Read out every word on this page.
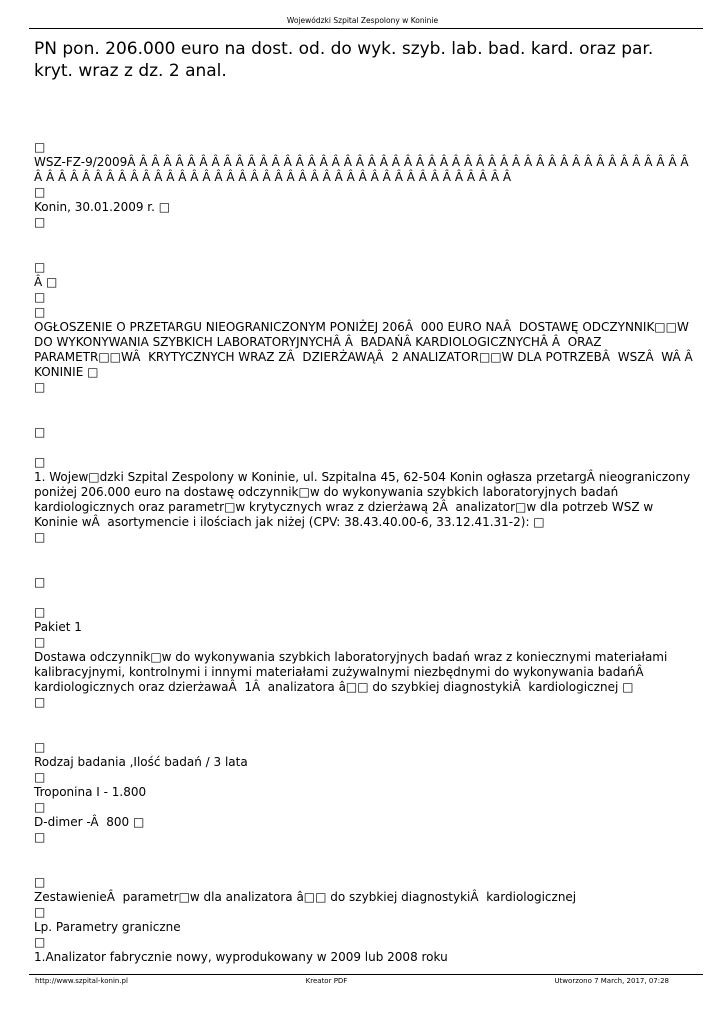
Wojewódzki Szpital Zespolony w Koninie
PN pon. 206.000 euro na dost. od. do wyk. szyb. lab. bad. kard. oraz par. kryt. wraz z dz. 2 anal.

□

WSZ-FZ-9/2009Â Â Â Â Â Â Â Â Â Â Â Â Â Â Â Â Â Â Â Â Â Â Â Â Â Â Â Â Â Â Â Â Â Â Â Â Â Â Â Â Â Â Â Â Â Â Â Â Â Â Â Â Â Â Â Â Â Â Â Â Â Â Â Â Â Â Â Â Â Â Â Â Â Â Â Â Â Â Â Â Â Â Â Â Â Â Â

□

Konin, 30.01.2009 r. □

□

□

Â □

□

□

OGŁOSZENIE O PRZETARGU NIEOGRANICZONYM PONIŻEJ 206Â  000 EURO NAÂ  DOSTAWĘ ODCZYNNIK□□W DO WYKONYWANIA SZYBKICH LABORATORYJNYCHÂ Â  BADAŃÂ KARDIOLOGICZNYCHÂ Â  ORAZ PARAMETR□□WÂ  KRYTYCZNYCH WRAZ ZÂ  DZIERŻAWĄÂ  2 ANALIZATOR□□W DLA POTRZEBÂ  WSZÂ  WÂ Â  KONINIE □

□

□

□

1. Wojew□dzki Szpital Zespolony w Koninie, ul. Szpitalna 45, 62-504 Konin ogłasza przetargÂ nieograniczony poniżej 206.000 euro na dostawę odczynnik□w do wykonywania szybkich laboratoryjnych badań kardiologicznych oraz parametr□w krytycznych wraz z dzierżawą 2Â  analizator□w dla potrzeb WSZ w Koninie wÂ  asortymencie i ilościach jak niżej (CPV: 38.43.40.00-6, 33.12.41.31-2): □

□

□

□

Pakiet 1

□

Dostawa odczynnik□w do wykonywania szybkich laboratoryjnych badań wraz z koniecznymi materiałami kalibracyjnymi, kontrolnymi i innymi materiałami zużywalnymi niezbędnymi do wykonywania badańÂ kardiologicznych oraz dzierżawaÂ  1Â  analizatora â□□ do szybkiej diagnostykiÂ  kardiologicznej □

□

□

Rodzaj badania ,Ilość badań / 3 lata

□

Troponina I - 1.800

□

D-dimer -Â  800 □

□

□

ZestawienieÂ  parametr□w dla analizatora â□□ do szybkiej diagnostykiÂ  kardiologicznej

□

Lp. Parametry graniczne

□

1.Analizator fabrycznie nowy, wyprodukowany w 2009 lub 2008 roku

http://www.szpital-konin.pl	Kreator PDF	Utworzono 7 March, 2017, 07:28
